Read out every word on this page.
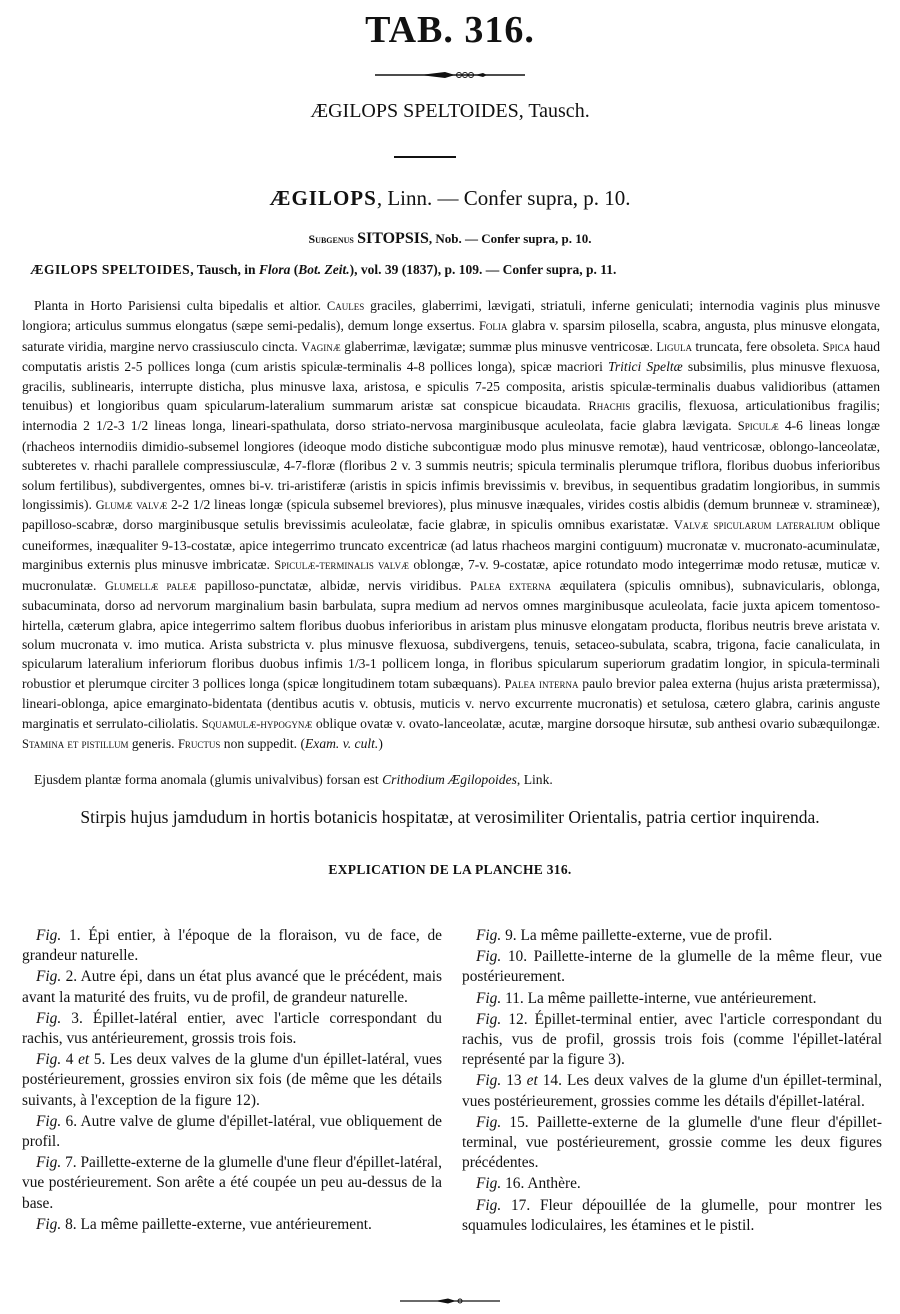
TAB. 316.
ÆGILOPS SPELTOIDES, Tausch.
ÆGILOPS, Linn. — Confer supra, p. 10.
Subgenus SITOPSIS, Nob. — Confer supra, p. 10.
ÆGILOPS SPELTOIDES, Tausch, in Flora (Bot. Zeit.), vol. 39 (1837), p. 109. — Confer supra, p. 11.

Planta in Horto Parisiensi culta bipedalis et altior. Caules graciles, glaberrimi, lævigati, striatuli, inferne geniculati; internodia vaginis plus minusve longiora; articulus summus elongatus (sæpe semi-pedalis), demum longe exsertus. Folia glabra v. sparsim pilosella, scabra, angusta, plus minusve elongata, saturate viridia, margine nervo crassiusculo cincta. Vaginæ glaberrimæ, lævigatæ; summæ plus minusve ventricosæ. Ligula truncata, fere obsoleta. Spica haud computatis aristis 2-5 pollices longa (cum aristis spiculæ-terminalis 4-8 pollices longa), spicæ macriori Tritici Speltæ subsimilis, plus minusve flexuosa, gracilis, sublinearis, interrupte disticha, plus minusve laxa, aristosa, e spiculis 7-25 composita, aristis spiculæ-terminalis duabus validioribus (attamen tenuibus) et longioribus quam spicularum-lateralium summarum aristæ sat conspicue bicaudata. Rhachis gracilis, flexuosa, articulationibus fragilis; internodia 2 1/2-3 1/2 lineas longa, lineari-spathulata, dorso striato-nervosa marginibusque aculeolata, facie glabra lævigata. Spiculæ 4-6 lineas longæ (rhacheos internodiis dimidio-subsemel longiores (ideoque modo distiche subcontiguæ modo plus minusve remotæ), haud ventricosæ, oblongo-lanceolatæ, subteretes v. rhachi parallele compressiusculæ, 4-7-floræ (floribus 2 v. 3 summis neutris; spicula terminalis plerumque triflora, floribus duobus inferioribus solum fertilibus), subdivergentes, omnes bi-v. tri-aristiferæ (aristis in spicis infimis brevissimis v. brevibus, in sequentibus gradatim longioribus, in summis longissimis). Glumæ valvæ 2-2 1/2 lineas longæ (spicula subsemel breviores), plus minusve inæquales, virides costis albidis (demum brunneæ v. stramineæ), papilloso-scabræ, dorso marginibusque setulis brevissimis aculeolatæ, facie glabræ, in spiculis omnibus exaristatæ. Valvæ spicularum lateralium oblique cuneiformes, inæqualiter 9-13-costatæ, apice integerrimo truncato excentricæ (ad latus rhacheos margini contiguum) mucronatæ v. mucronato-acuminulatæ, marginibus externis plus minusve imbricatæ. Spiculæ-terminalis valvæ oblongæ, 7-v. 9-costatæ, apice rotundato modo integerrimæ modo retusæ, muticæ v. mucronulatæ. Glumellæ paleæ papilloso-punctatæ, albidæ, nervis viridibus. Palea externa æquilatera (spiculis omnibus), subnavicularis, oblonga, subacuminata, dorso ad nervorum marginalium basin barbulata, supra medium ad nervos omnes marginibusque aculeolata, facie juxta apicem tomentoso-hirtella, cæterum glabra, apice integerrimo saltem floribus duobus inferioribus in aristam plus minusve elongatam producta, floribus neutris breve aristata v. solum mucronata v. imo mutica. Arista substricta v. plus minusve flexuosa, subdivergens, tenuis, setaceo-subulata, scabra, trigona, facie canaliculata, in spicularum lateralium inferiorum floribus duobus infimis 1/3-1 pollicem longa, in floribus spicularum superiorum gradatim longior, in spicula-terminali robustior et plerumque circiter 3 pollices longa (spicæ longitudinem totam subæquans). Palea interna paulo brevior palea externa (hujus arista prætermissa), lineari-oblonga, apice emarginato-bidentata (dentibus acutis v. obtusis, muticis v. nervo excurrente mucronatis) et setulosa, cætero glabra, carinis anguste marginatis et serrulato-ciliolatis. Squamulæ-hypogynæ oblique ovatæ v. ovato-lanceolatæ, acutæ, margine dorsoque hirsutæ, sub anthesi ovario subæquilongæ. Stamina et pistillum generis. Fructus non suppedit. (Exam. v. cult.)

Ejusdem plantæ forma anomala (glumis univalvibus) forsan est Crithodium Ægilopoides, Link.
Stirpis hujus jamdudum in hortis botanicis hospitatæ, at verosimiliter Orientalis, patria certior inquirenda.
EXPLICATION DE LA PLANCHE 316.

Fig. 1. Épi entier, à l'époque de la floraison, vu de face, de grandeur naturelle.

Fig. 2. Autre épi, dans un état plus avancé que le précédent, mais avant la maturité des fruits, vu de profil, de grandeur naturelle.

Fig. 3. Épillet-latéral entier, avec l'article correspondant du rachis, vus antérieurement, grossis trois fois.

Fig. 4 et 5. Les deux valves de la glume d'un épillet-latéral, vues postérieurement, grossies environ six fois (de même que les détails suivants, à l'exception de la figure 12).

Fig. 6. Autre valve de glume d'épillet-latéral, vue obliquement de profil.

Fig. 7. Paillette-externe de la glumelle d'une fleur d'épillet-latéral, vue postérieurement. Son arête a été coupée un peu au-dessus de la base.

Fig. 8. La même paillette-externe, vue antérieurement.

Fig. 9. La même paillette-externe, vue de profil.

Fig. 10. Paillette-interne de la glumelle de la même fleur, vue postérieurement.

Fig. 11. La même paillette-interne, vue antérieurement.

Fig. 12. Épillet-terminal entier, avec l'article correspondant du rachis, vus de profil, grossis trois fois (comme l'épillet-latéral représenté par la figure 3).

Fig. 13 et 14. Les deux valves de la glume d'un épillet-terminal, vues postérieurement, grossies comme les détails d'épillet-latéral.

Fig. 15. Paillette-externe de la glumelle d'une fleur d'épillet-terminal, vue postérieurement, grossie comme les deux figures précédentes.

Fig. 16. Anthère.

Fig. 17. Fleur dépouillée de la glumelle, pour montrer les squamules lodiculaires, les étamines et le pistil.
